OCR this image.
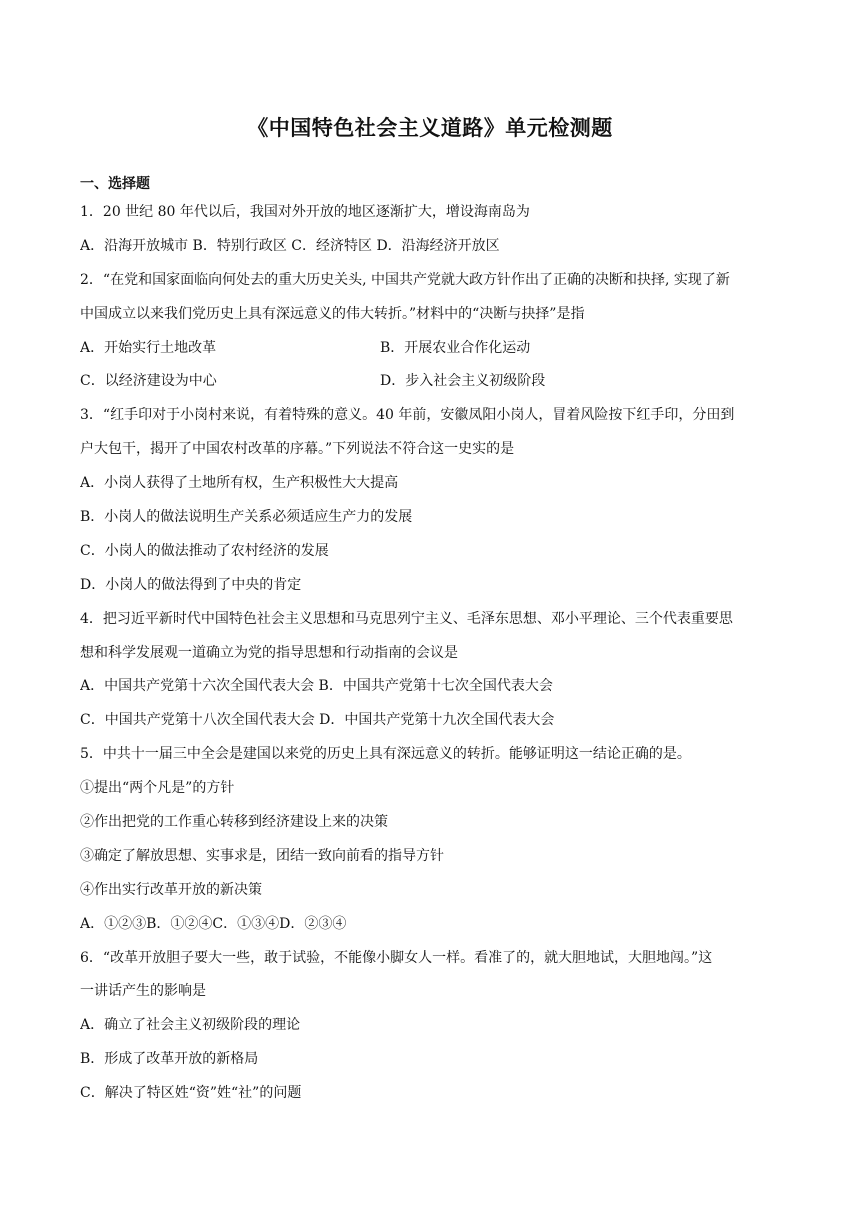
《中国特色社会主义道路》单元检测题
一、选择题
1．20 世纪 80 年代以后，我国对外开放的地区逐渐扩大，增设海南岛为
A．沿海开放城市 B．特别行政区 C．经济特区 D．沿海经济开放区
2．“在党和国家面临向何处去的重大历史关头, 中国共产党就大政方针作出了正确的决断和抉择, 实现了新
中国成立以来我们党历史上具有深远意义的伟大转折。”材料中的“决断与抉择”是指
A．开始实行土地改革	B．开展农业合作化运动
C．以经济建设为中心	D．步入社会主义初级阶段
3．“红手印对于小岗村来说，有着特殊的意义。40 年前，安徽凤阳小岗人，冒着风险按下红手印，分田到
户大包干，揭开了中国农村改革的序幕。”下列说法不符合这一史实的是
A．小岗人获得了土地所有权，生产积极性大大提高
B．小岗人的做法说明生产关系必须适应生产力的发展
C．小岗人的做法推动了农村经济的发展
D．小岗人的做法得到了中央的肯定
4．把习近平新时代中国特色社会主义思想和马克思列宁主义、毛泽东思想、邓小平理论、三个代表重要思
想和科学发展观一道确立为党的指导思想和行动指南的会议是
A．中国共产党第十六次全国代表大会 B．中国共产党第十七次全国代表大会
C．中国共产党第十八次全国代表大会 D．中国共产党第十九次全国代表大会
5．中共十一届三中全会是建国以来党的历史上具有深远意义的转折。能够证明这一结论正确的是。
①提出“两个凡是”的方针
②作出把党的工作重心转移到经济建设上来的决策
③确定了解放思想、实事求是，团结一致向前看的指导方针
④作出实行改革开放的新决策
A．①②③B．①②④C．①③④D．②③④
6．“改革开放胆子要大一些，敢于试验，不能像小脚女人一样。看准了的，就大胆地试，大胆地闯。”这
一讲话产生的影响是
A．确立了社会主义初级阶段的理论
B．形成了改革开放的新格局
C．解决了特区姓“资”姓“社”的问题
